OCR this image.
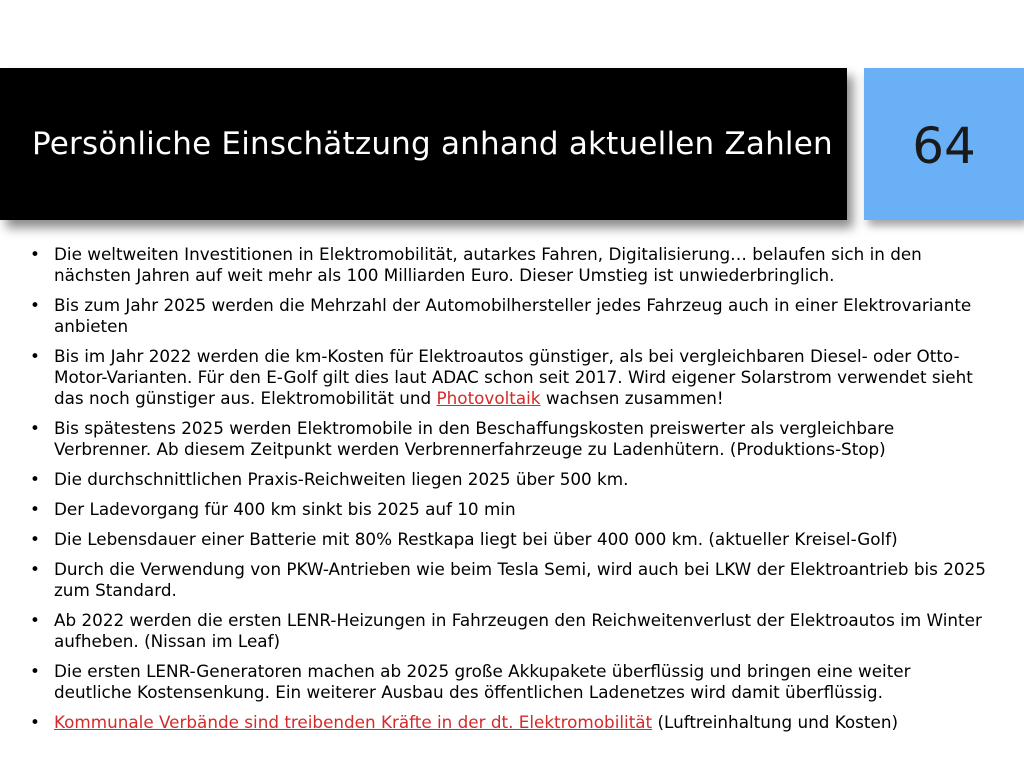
Persönliche Einschätzung anhand aktuellen Zahlen	64
• Die weltweiten Investitionen in Elektromobilität, autarkes Fahren, Digitalisierung… belaufen sich in den nächsten Jahren auf weit mehr als 100 Milliarden Euro. Dieser Umstieg ist unwiederbringlich.
• Bis zum Jahr 2025 werden die Mehrzahl der Automobilhersteller jedes Fahrzeug auch in einer Elektrovariante anbieten
• Bis im Jahr 2022 werden die km-Kosten für Elektroautos günstiger, als bei vergleichbaren Diesel- oder Otto-Motor-Varianten. Für den E-Golf gilt dies laut ADAC schon seit 2017. Wird eigener Solarstrom verwendet sieht das noch günstiger aus. Elektromobilität und Photovoltaik wachsen zusammen!
• Bis spätestens 2025 werden Elektromobile in den Beschaffungskosten preiswerter als vergleichbare Verbrenner. Ab diesem Zeitpunkt werden Verbrennerfahrzeuge zu Ladenhütern. (Produktions-Stop)
• Die durchschnittlichen Praxis-Reichweiten liegen 2025 über 500 km.
• Der Ladevorgang für 400 km sinkt bis 2025 auf 10 min
• Die Lebensdauer einer Batterie mit 80% Restkapa liegt bei über 400 000 km. (aktueller Kreisel-Golf)
• Durch die Verwendung von PKW-Antrieben wie beim Tesla Semi, wird auch bei LKW der Elektroantrieb bis 2025 zum Standard.
• Ab 2022 werden die ersten LENR-Heizungen in Fahrzeugen den Reichweitenverlust der Elektroautos im Winter aufheben. (Nissan im Leaf)
• Die ersten LENR-Generatoren machen ab 2025 große Akkupakete überflüssig und bringen eine weiter deutliche Kostensenkung. Ein weiterer Ausbau des öffentlichen Ladenetzes wird damit überflüssig.
• Kommunale Verbände sind treibenden Kräfte in der dt. Elektromobilität (Luftreinhaltung und Kosten)
